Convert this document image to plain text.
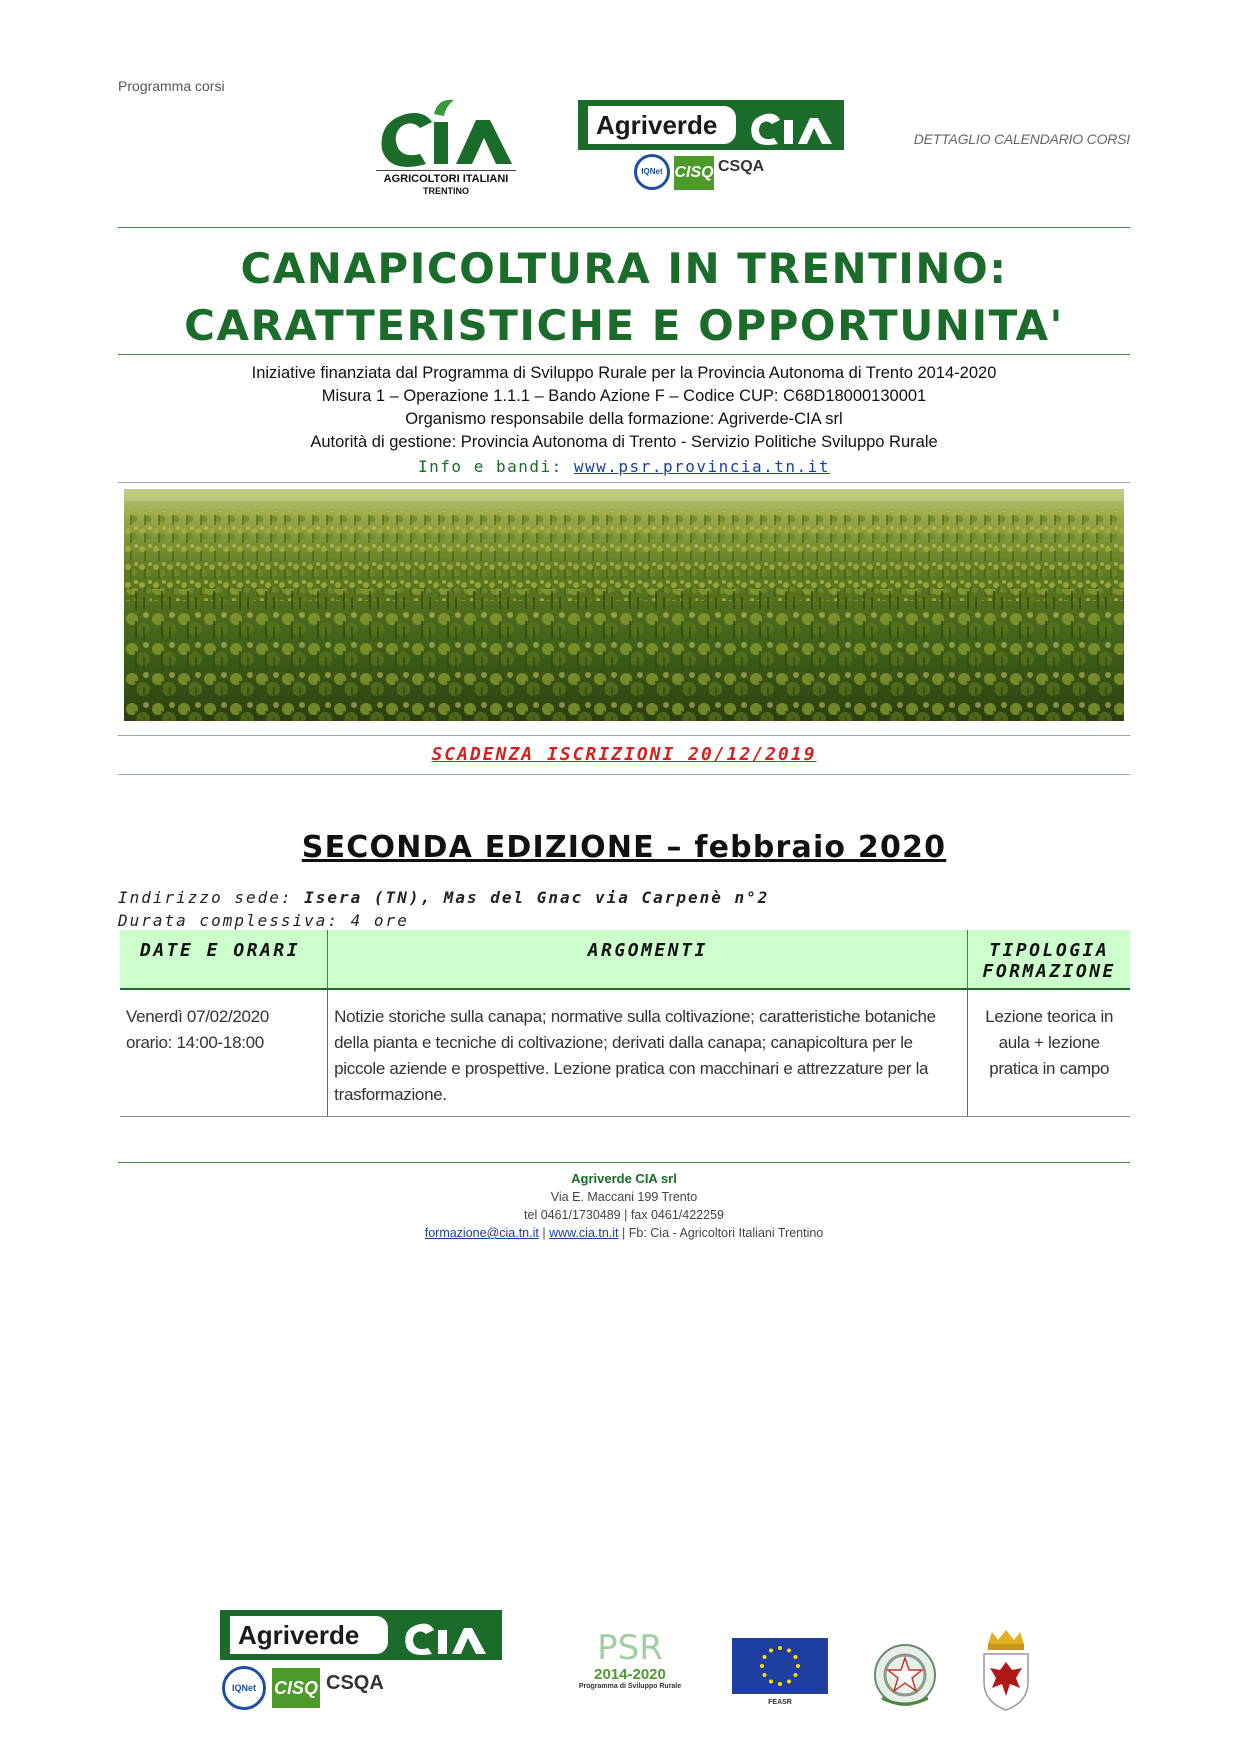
Programma corsi
DETTAGLIO CALENDARIO CORSI
AGRICOLTORI ITALIANI
TRENTINO
Agriverde
IQNet CISQ CSQA
CANAPICOLTURA IN TRENTINO:
CARATTERISTICHE E OPPORTUNITA'
Iniziative finanziata dal Programma di Sviluppo Rurale per la Provincia Autonoma di Trento 2014-2020
Misura 1 – Operazione 1.1.1 – Bando Azione F – Codice CUP: C68D18000130001
Organismo responsabile della formazione: Agriverde-CIA srl
Autorità di gestione: Provincia Autonoma di Trento - Servizio Politiche Sviluppo Rurale
Info e bandi: www.psr.provincia.tn.it
SCADENZA ISCRIZIONI 20/12/2019
SECONDA EDIZIONE – febbraio 2020
Indirizzo sede: Isera (TN), Mas del Gnac via Carpenè n°2
Durata complessiva: 4 ore
DATE E ORARI	ARGOMENTI	TIPOLOGIA FORMAZIONE

Venerdì 07/02/2020
orario: 14:00-18:00	Notizie storiche sulla canapa; normative sulla coltivazione; caratteristiche botaniche della pianta e tecniche di coltivazione; derivati dalla canapa; canapicoltura per le piccole aziende e prospettive. Lezione pratica con macchinari e attrezzature per la trasformazione.	Lezione teorica in aula + lezione pratica in campo
Agriverde CIA srl
Via E. Maccani 199 Trento
tel 0461/1730489 | fax 0461/422259
formazione@cia.tn.it | www.cia.tn.it | Fb: Cia - Agricoltori Italiani Trentino
Agriverde
IQNet CISQ CSQA
PSR
2014-2020
Programma di Sviluppo Rurale
FEASR
